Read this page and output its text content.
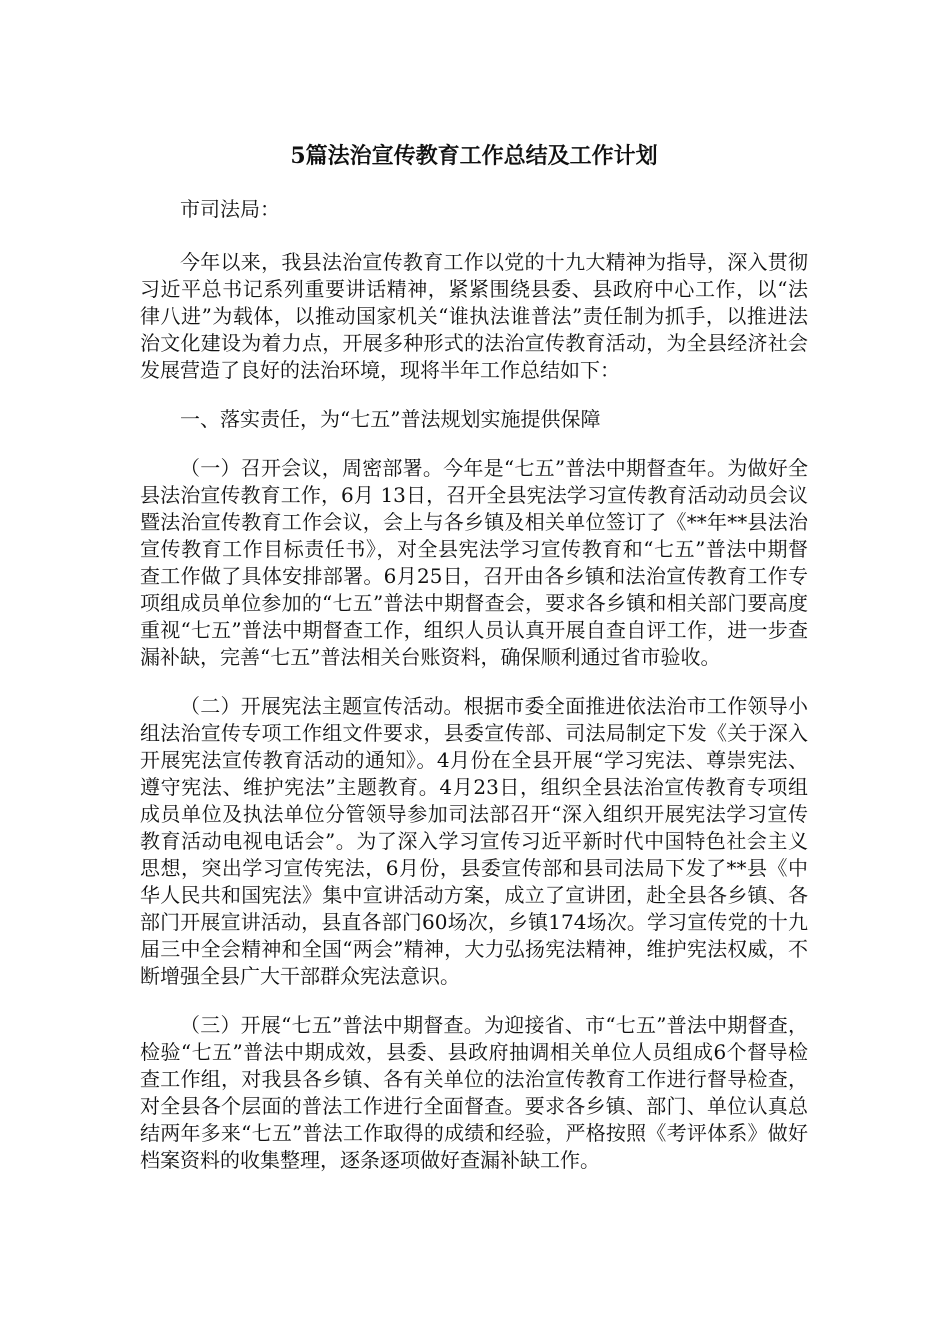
5篇法治宣传教育工作总结及工作计划

市司法局：

今年以来，我县法治宣传教育工作以党的十九大精神为指导，深入贯彻习近平总书记系列重要讲话精神，紧紧围绕县委、县政府中心工作，以“法律八进”为载体，以推动国家机关“谁执法谁普法”责任制为抓手，以推进法治文化建设为着力点，开展多种形式的法治宣传教育活动，为全县经济社会发展营造了良好的法治环境，现将半年工作总结如下：

一、落实责任，为“七五”普法规划实施提供保障

（一）召开会议，周密部署。今年是“七五”普法中期督查年。为做好全县法治宣传教育工作，6月 13日，召开全县宪法学习宣传教育活动动员会议暨法治宣传教育工作会议，会上与各乡镇及相关单位签订了《**年**县法治宣传教育工作目标责任书》，对全县宪法学习宣传教育和“七五”普法中期督查工作做了具体安排部署。6月25日，召开由各乡镇和法治宣传教育工作专项组成员单位参加的“七五”普法中期督查会，要求各乡镇和相关部门要高度重视“七五”普法中期督查工作，组织人员认真开展自查自评工作，进一步查漏补缺，完善“七五”普法相关台账资料，确保顺利通过省市验收。

（二）开展宪法主题宣传活动。根据市委全面推进依法治市工作领导小组法治宣传专项工作组文件要求，县委宣传部、司法局制定下发《关于深入开展宪法宣传教育活动的通知》。4月份在全县开展“学习宪法、尊崇宪法、遵守宪法、维护宪法”主题教育。4月23日，组织全县法治宣传教育专项组成员单位及执法单位分管领导参加司法部召开“深入组织开展宪法学习宣传教育活动电视电话会”。为了深入学习宣传习近平新时代中国特色社会主义思想，突出学习宣传宪法，6月份，县委宣传部和县司法局下发了**县《中华人民共和国宪法》集中宣讲活动方案，成立了宣讲团，赴全县各乡镇、各部门开展宣讲活动，县直各部门60场次，乡镇174场次。学习宣传党的十九届三中全会精神和全国“两会”精神，大力弘扬宪法精神，维护宪法权威，不断增强全县广大干部群众宪法意识。

（三）开展“七五”普法中期督查。为迎接省、市“七五”普法中期督查，检验“七五”普法中期成效，县委、县政府抽调相关单位人员组成6个督导检查工作组，对我县各乡镇、各有关单位的法治宣传教育工作进行督导检查，对全县各个层面的普法工作进行全面督查。要求各乡镇、部门、单位认真总结两年多来“七五”普法工作取得的成绩和经验，严格按照《考评体系》做好档案资料的收集整理，逐条逐项做好查漏补缺工作。
